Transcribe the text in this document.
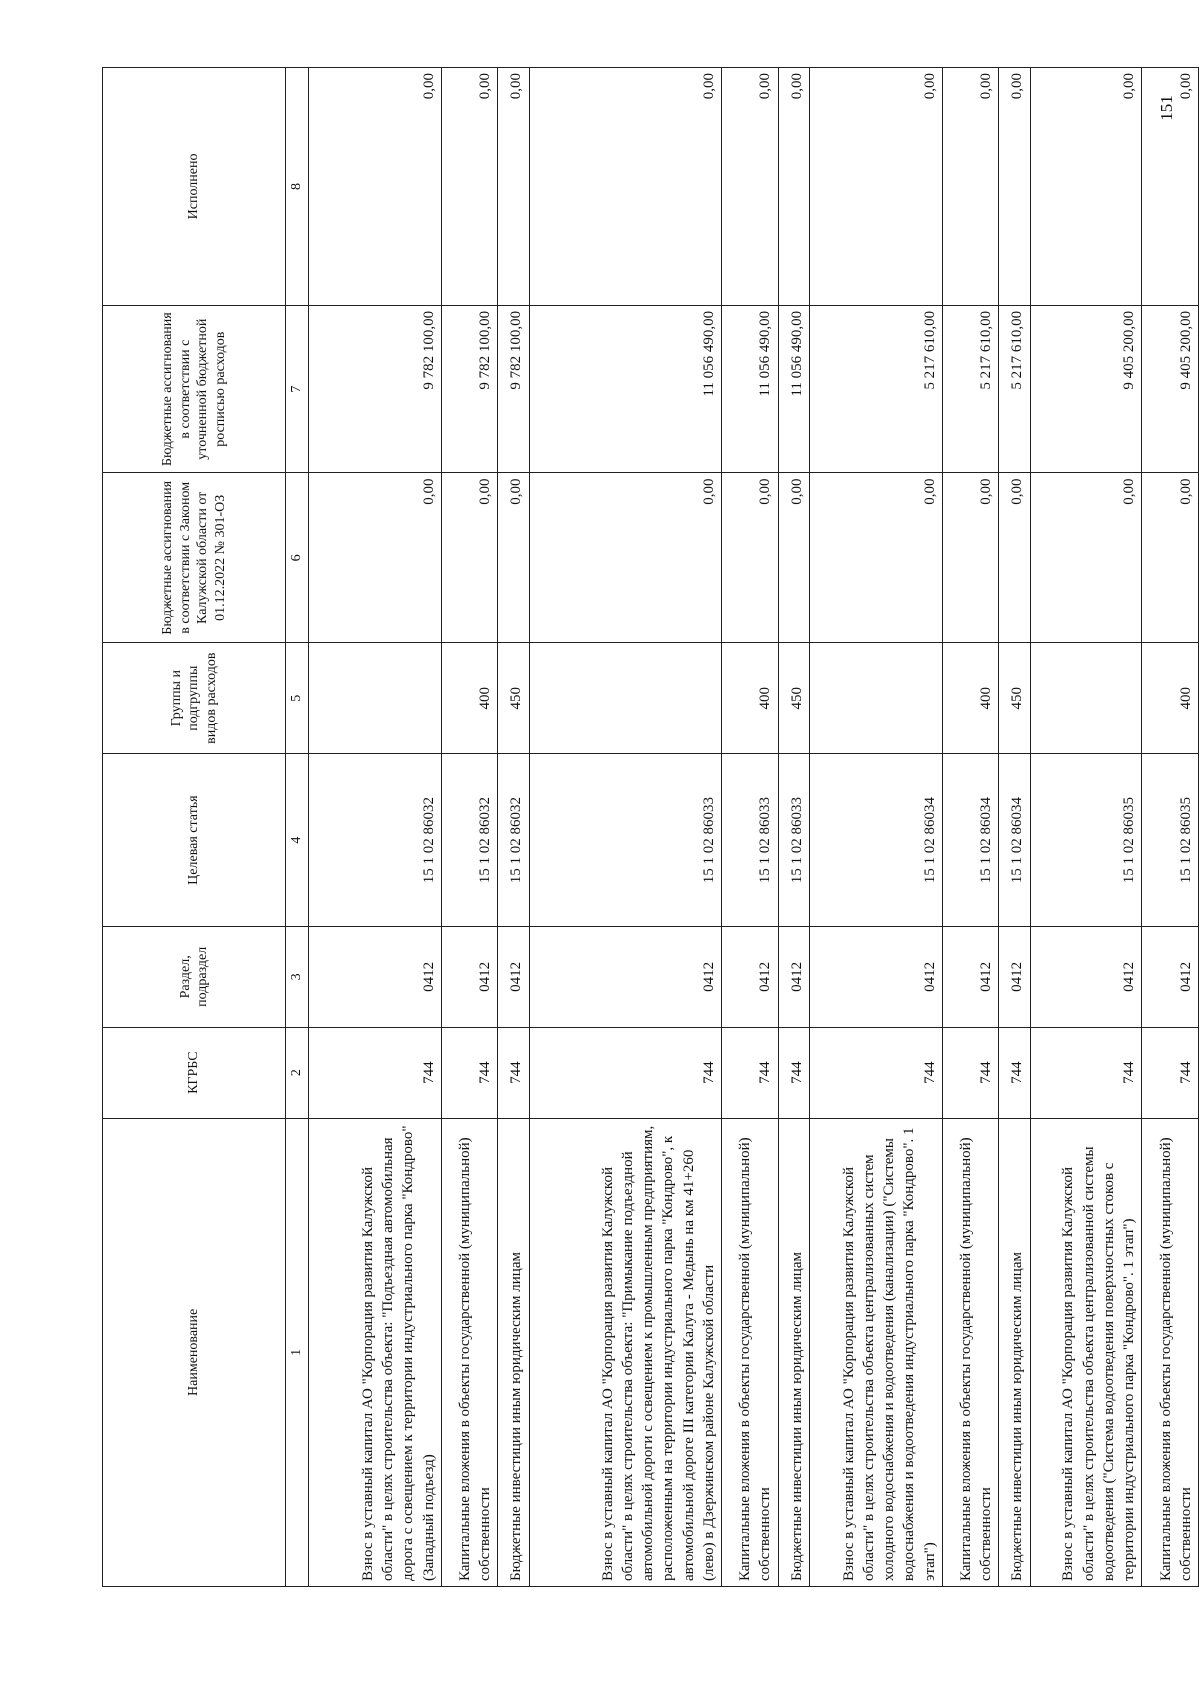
151
Наименование	КГРБС	Раздел, подраздел	Целевая статья	Группы и подгруппы видов расходов	Бюджетные ассигнования в соответствии с Законом Калужской области от 01.12.2022 № 301-ОЗ	Бюджетные ассигнования в соответствии с уточненной бюджетной росписью расходов	Исполнено
1	2	3	4	5	6	7	8
Взнос в уставный капитал АО "Корпорация развития Калужской области" в целях строительства объекта: "Подъездная автомобильная дорога с освещением к территории индустриального парка "Кондрово" (Западный подъезд)	744	0412	15 1 02 86032		0,00	9 782 100,00	0,00
Капитальные вложения в объекты государственной (муниципальной) собственности	744	0412	15 1 02 86032	400	0,00	9 782 100,00	0,00
Бюджетные инвестиции иным юридическим лицам	744	0412	15 1 02 86032	450	0,00	9 782 100,00	0,00
Взнос в уставный капитал АО "Корпорация развития Калужской области" в целях строительства объекта: "Примыкание подъездной автомобильной дороги с освещением к промышленным предприятиям, расположенным на территории индустриального парка "Кондрово", к автомобильной дороге III категории Калуга - Медынь на км 41+260 (лево) в Дзержинском районе Калужской области	744	0412	15 1 02 86033		0,00	11 056 490,00	0,00
Капитальные вложения в объекты государственной (муниципальной) собственности	744	0412	15 1 02 86033	400	0,00	11 056 490,00	0,00
Бюджетные инвестиции иным юридическим лицам	744	0412	15 1 02 86033	450	0,00	11 056 490,00	0,00
Взнос в уставный капитал АО "Корпорация развития Калужской области" в целях строительства объекта централизованных систем холодного водоснабжения и водоотведения (канализации) ("Системы водоснабжения и водоотведения индустриального парка "Кондрово". 1 этап")	744	0412	15 1 02 86034		0,00	5 217 610,00	0,00
Капитальные вложения в объекты государственной (муниципальной) собственности	744	0412	15 1 02 86034	400	0,00	5 217 610,00	0,00
Бюджетные инвестиции иным юридическим лицам	744	0412	15 1 02 86034	450	0,00	5 217 610,00	0,00
Взнос в уставный капитал АО "Корпорация развития Калужской области" в целях строительства объекта централизованной системы водоотведения ("Система водоотведения поверхностных стоков с территории индустриального парка "Кондрово". 1 этап")	744	0412	15 1 02 86035		0,00	9 405 200,00	0,00
Капитальные вложения в объекты государственной (муниципальной) собственности	744	0412	15 1 02 86035	400	0,00	9 405 200,00	0,00
